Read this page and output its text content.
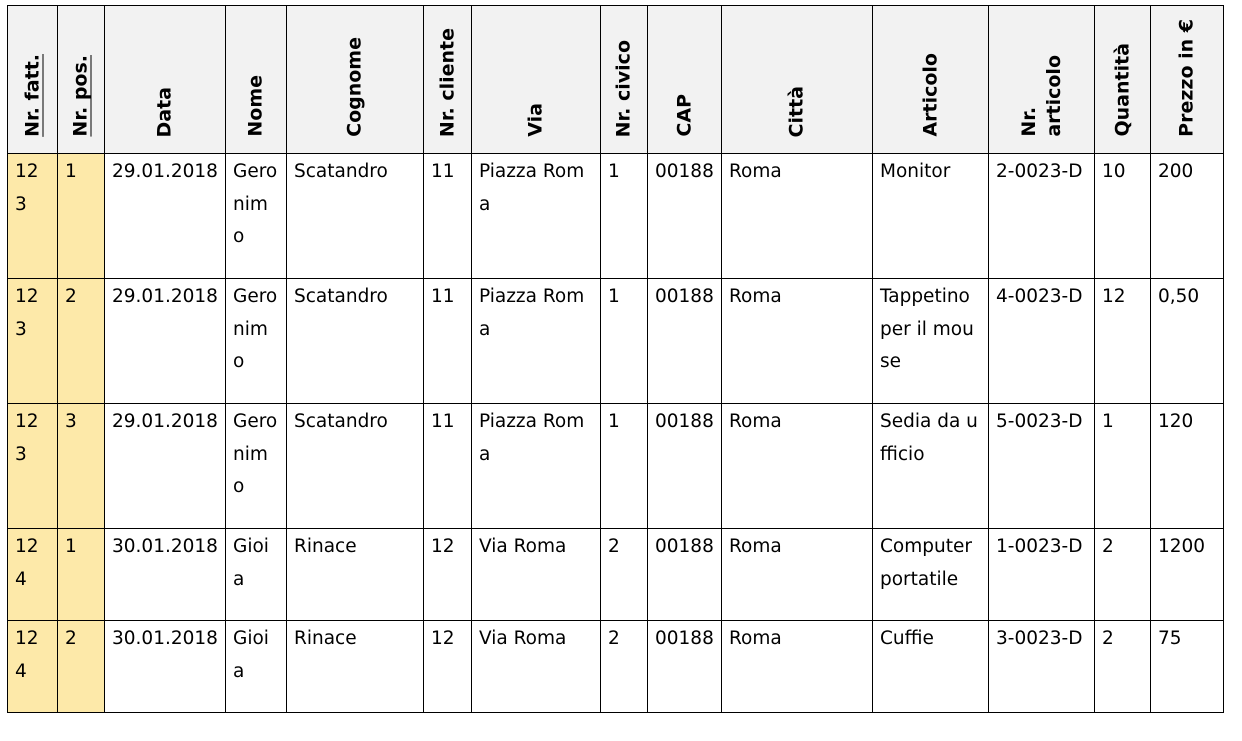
Nr. fatt.	Nr. pos.	Data	Nome	Cognome	Nr. cliente	Via	Nr. civico	CAP	Città	Articolo	Nr. articolo	Quantità	Prezzo in €

123	1	29.01.2018	Geronimo	Scatandro	11	Piazza Roma	1	00188	Roma	Monitor	2-0023-D	10	200
123	2	29.01.2018	Geronimo	Scatandro	11	Piazza Roma	1	00188	Roma	Tappetino per il mouse	4-0023-D	12	0,50
123	3	29.01.2018	Geronimo	Scatandro	11	Piazza Roma	1	00188	Roma	Sedia da ufficio	5-0023-D	1	120
124	1	30.01.2018	Gioia	Rinace	12	Via Roma	2	00188	Roma	Computer portatile	1-0023-D	2	1200
124	2	30.01.2018	Gioia	Rinace	12	Via Roma	2	00188	Roma	Cuffie	3-0023-D	2	75
